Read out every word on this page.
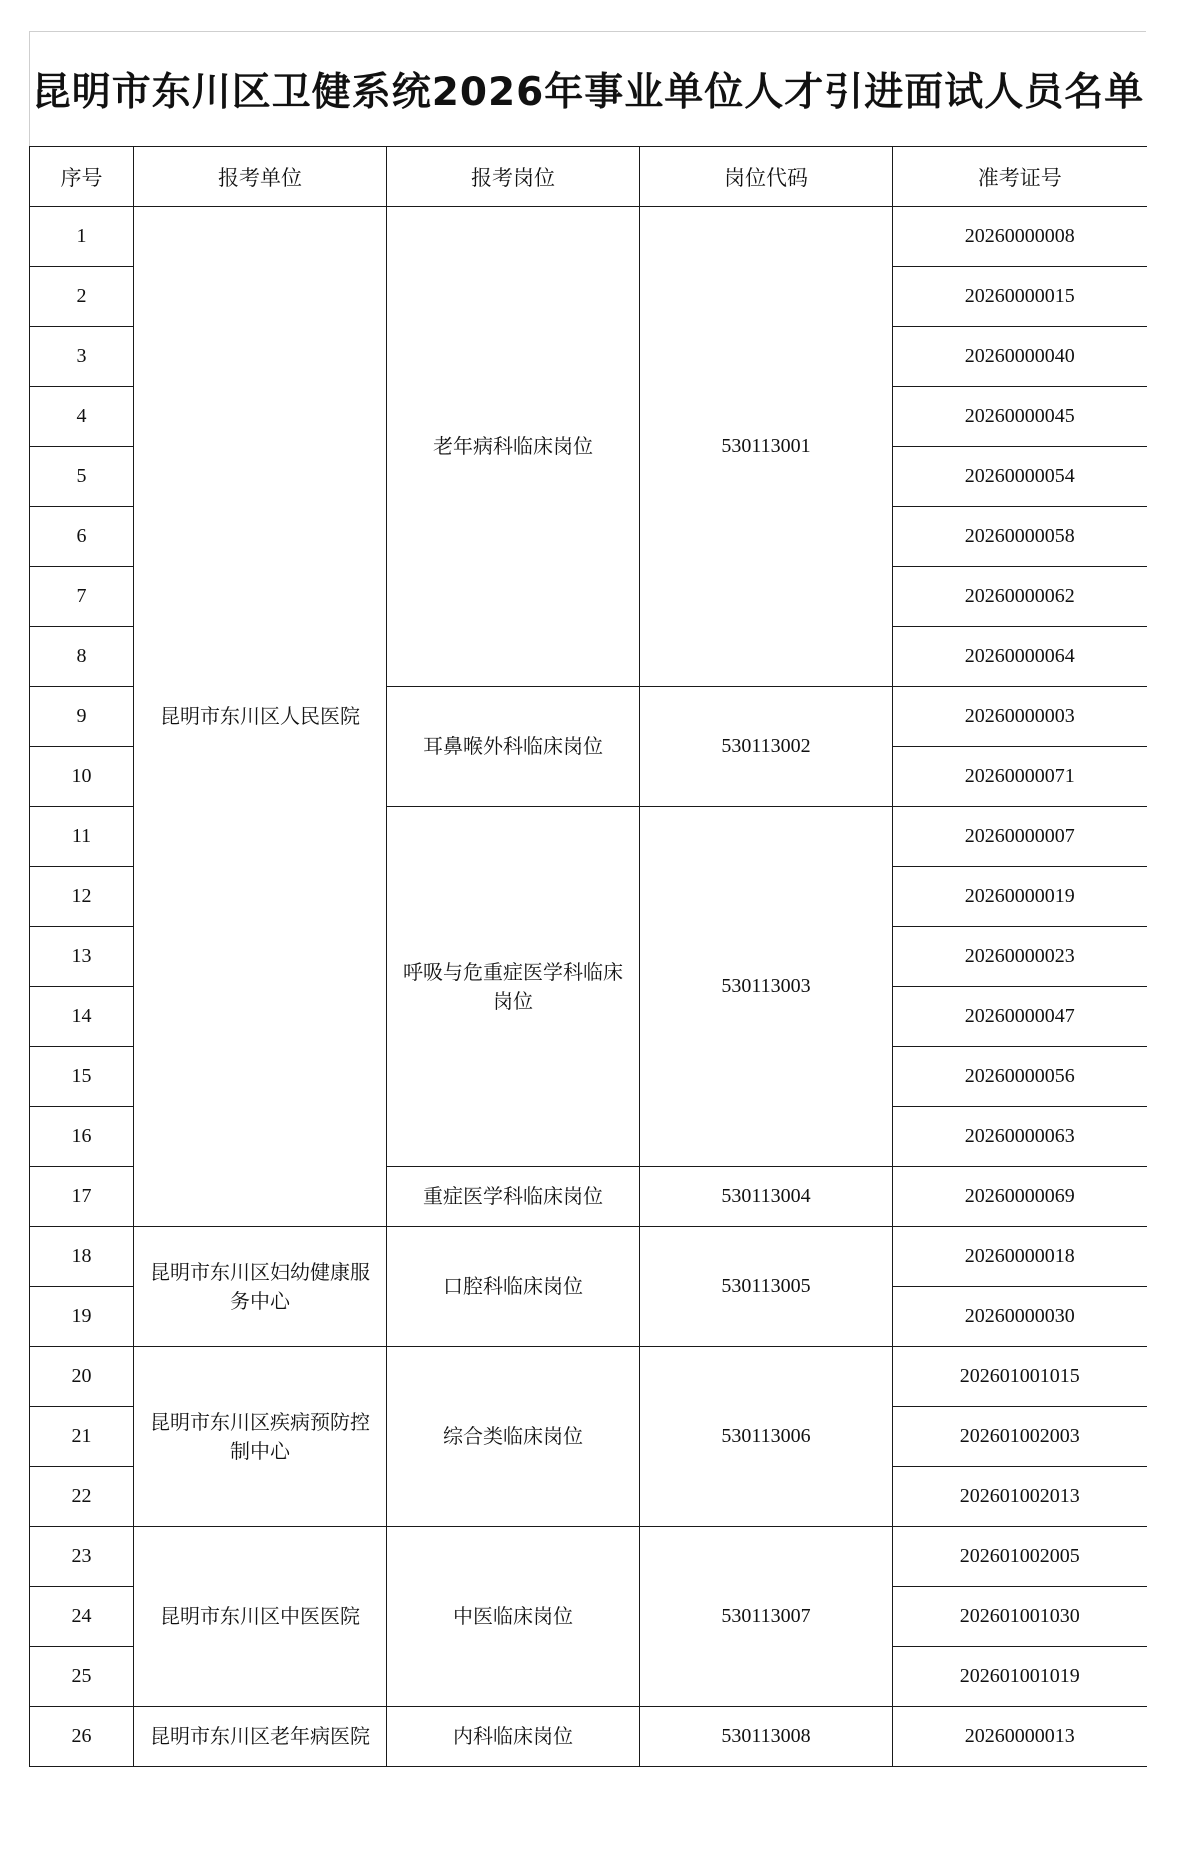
昆明市东川区卫健系统2026年事业单位人才引进面试人员名单
序号	报考单位	报考岗位	岗位代码	准考证号
1	昆明市东川区人民医院	老年病科临床岗位	530113001	20260000008
2				20260000015
3				20260000040
4				20260000045
5				20260000054
6				20260000058
7				20260000062
8				20260000064
9		耳鼻喉外科临床岗位	530113002	20260000003
10				20260000071
11		呼吸与危重症医学科临床岗位	530113003	20260000007
12				20260000019
13				20260000023
14				20260000047
15				20260000056
16				20260000063
17		重症医学科临床岗位	530113004	20260000069
18	昆明市东川区妇幼健康服务中心	口腔科临床岗位	530113005	20260000018
19				20260000030
20	昆明市东川区疾病预防控制中心	综合类临床岗位	530113006	202601001015
21				202601002003
22				202601002013
23	昆明市东川区中医医院	中医临床岗位	530113007	202601002005
24				202601001030
25				202601001019
26	昆明市东川区老年病医院	内科临床岗位	530113008	20260000013
